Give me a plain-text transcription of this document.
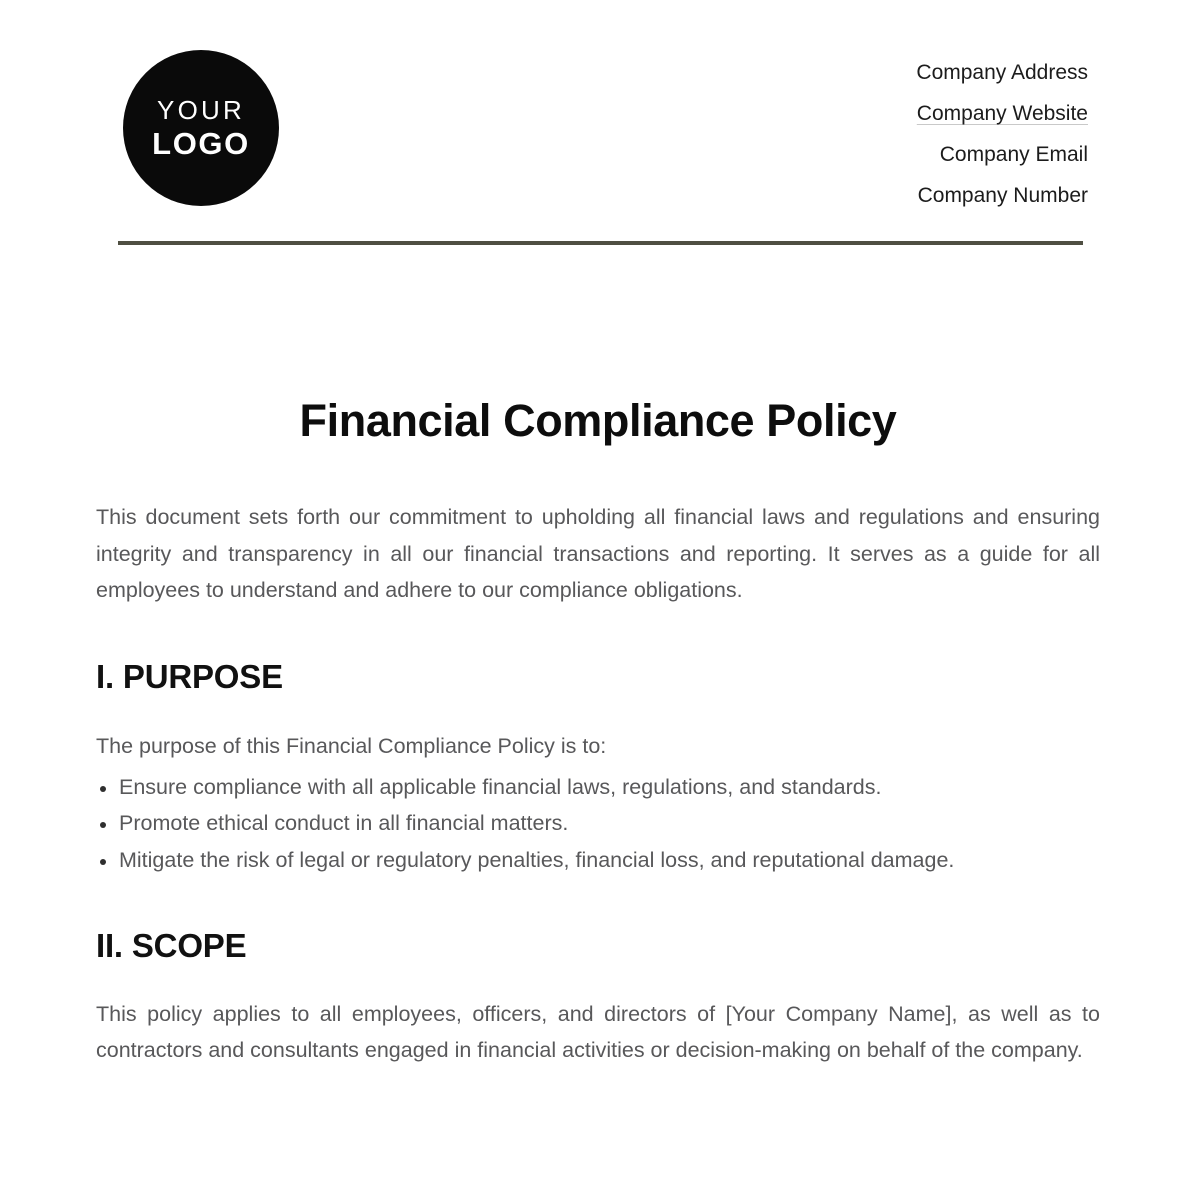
YOUR
LOGO
Company Address
Company Website
Company Email
Company Number
Financial Compliance Policy

This document sets forth our commitment to upholding all financial laws and regulations and ensuring integrity and transparency in all our financial transactions and reporting. It serves as a guide for all employees to understand and adhere to our compliance obligations.

I. PURPOSE

The purpose of this Financial Compliance Policy is to:

Ensure compliance with all applicable financial laws, regulations, and standards.
Promote ethical conduct in all financial matters.
Mitigate the risk of legal or regulatory penalties, financial loss, and reputational damage.
II. SCOPE

This policy applies to all employees, officers, and directors of [Your Company Name], as well as to contractors and consultants engaged in financial activities or decision-making on behalf of the company.
